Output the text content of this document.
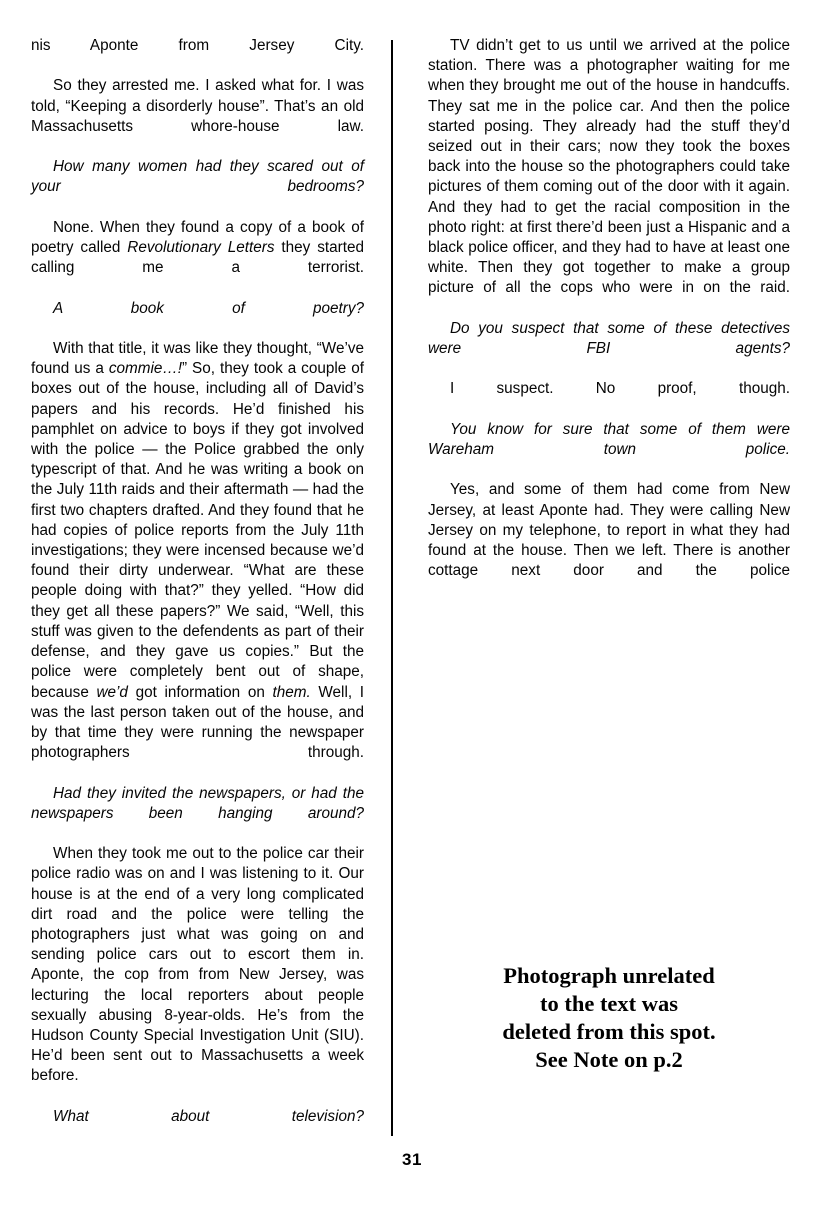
nis Aponte from Jersey City.

So they arrested me. I asked what for. I was told, “Keeping a disorderly house”. That’s an old Massachusetts whore-house law.

How many women had they scared out of your bedrooms?

None. When they found a copy of a book of poetry called Revolutionary Letters they started calling me a terrorist.

A book of poetry?

With that title, it was like they thought, “We’ve found us a commie…!” So, they took a couple of boxes out of the house, including all of David’s papers and his records. He’d finished his pamphlet on advice to boys if they got involved with the police — the Police grabbed the only typescript of that. And he was writing a book on the July 11th raids and their aftermath — had the first two chapters drafted. And they found that he had copies of police reports from the July 11th investigations; they were incensed because we’d found their dirty underwear. “What are these people doing with that?” they yelled. “How did they get all these papers?” We said, “Well, this stuff was given to the defendents as part of their defense, and they gave us copies.” But the police were completely bent out of shape, because we’d got information on them. Well, I was the last person taken out of the house, and by that time they were running the newspaper photographers through.

Had they invited the newspapers, or had the newspapers been hanging around?

When they took me out to the police car their police radio was on and I was listening to it. Our house is at the end of a very long complicated dirt road and the police were telling the photographers just what was going on and sending police cars out to escort them in. Aponte, the cop from from New Jersey, was lecturing the local reporters about people sexually abusing 8-year-olds. He’s from the Hudson County Special Investigation Unit (SIU). He’d been sent out to Massachusetts a week before.

What about television?

TV didn’t get to us until we arrived at the police station. There was a photographer waiting for me when they brought me out of the house in handcuffs. They sat me in the police car. And then the police started posing. They already had the stuff they’d seized out in their cars; now they took the boxes back into the house so the photographers could take pictures of them coming out of the door with it again. And they had to get the racial composition in the photo right: at first there’d been just a Hispanic and a black police officer, and they had to have at least one white. Then they got together to make a group picture of all the cops who were in on the raid.

Do you suspect that some of these detectives were FBI agents?

I suspect. No proof, though.

You know for sure that some of them were Wareham town police.

Yes, and some of them had come from New Jersey, at least Aponte had. They were calling New Jersey on my telephone, to report in what they had found at the house. Then we left. There is another cottage next door and the police

Photograph unrelated
to the text was
deleted from this spot.
See Note on p.2
31
